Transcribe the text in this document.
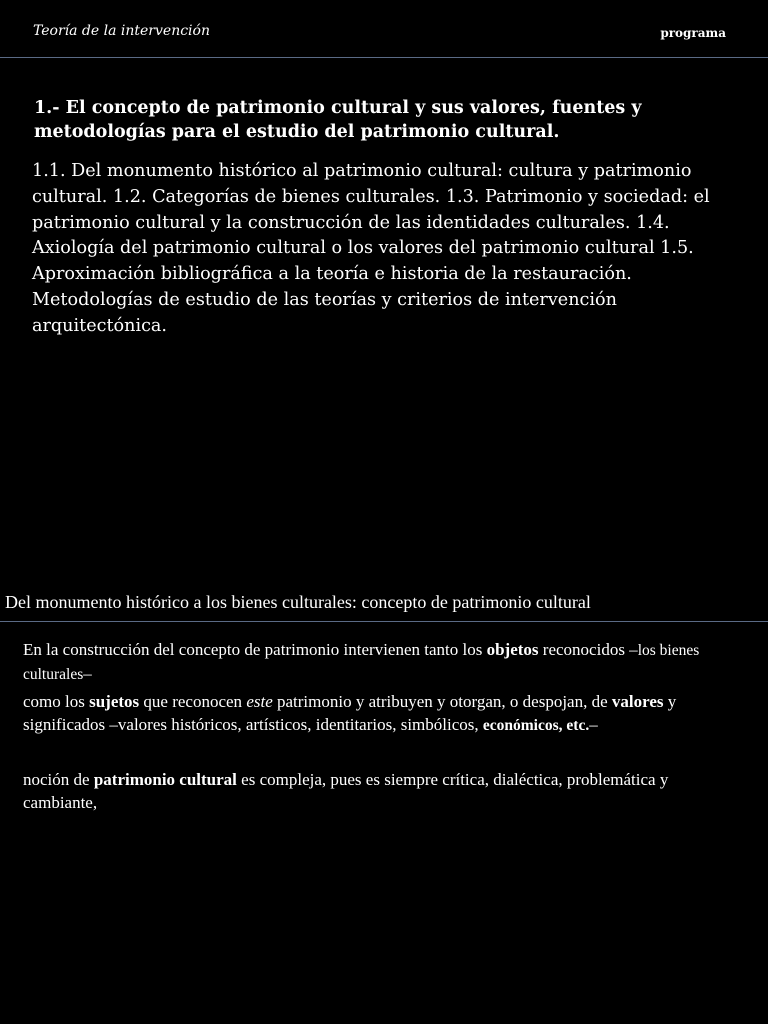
Teoría de la intervención	programa
1.- El concepto de patrimonio cultural y sus valores, fuentes y metodologías para el estudio del patrimonio cultural.

1.1. Del monumento histórico al patrimonio cultural: cultura y patrimonio cultural. 1.2. Categorías de bienes culturales. 1.3. Patrimonio y sociedad: el patrimonio cultural y la construcción de las identidades culturales. 1.4. Axiología del patrimonio cultural o los valores del patrimonio cultural 1.5. Aproximación bibliográfica a la teoría e historia de la restauración. Metodologías de estudio de las teorías y criterios de intervención arquitectónica.

Del monumento histórico a los bienes culturales: concepto de patrimonio cultural

En la construcción del concepto de patrimonio intervienen tanto los objetos reconocidos –los bienes culturales–

como los sujetos que reconocen este patrimonio y atribuyen y otorgan, o despojan, de valores y significados –valores históricos, artísticos, identitarios, simbólicos, económicos, etc.–

noción de patrimonio cultural es compleja, pues es siempre crítica, dialéctica, problemática y cambiante,
